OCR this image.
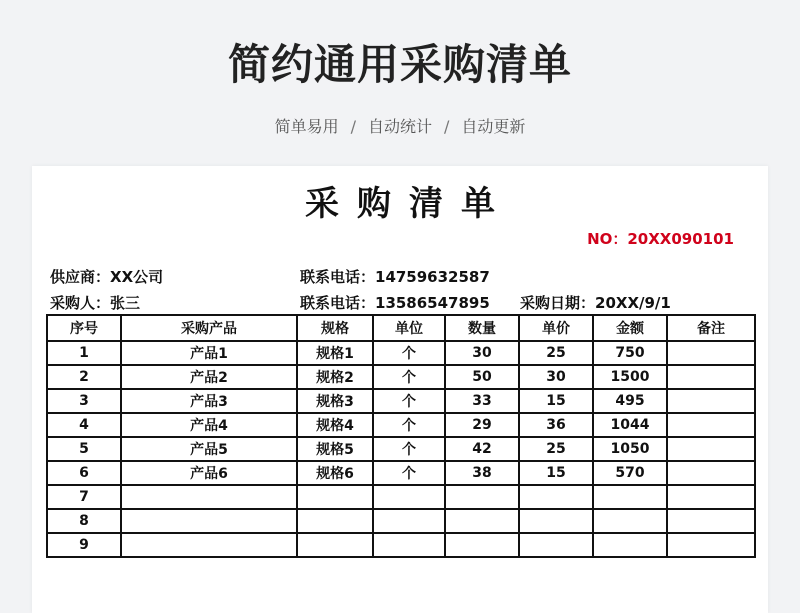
简约通用采购清单
简单易用 / 自动统计 / 自动更新
采购清单
NO：20XX090101
供应商：XX公司	联系电话：14759632587
采购人：张三	联系电话：13586547895 采购日期：20XX/9/1
序号	采购产品	规格	单位	数量	单价	金额	备注
1	产品1	规格1	个	30	25	750	
2	产品2	规格2	个	50	30	1500	
3	产品3	规格3	个	33	15	495	
4	产品4	规格4	个	29	36	1044	
5	产品5	规格5	个	42	25	1050	
6	产品6	规格6	个	38	15	570	
7							
8							
9							
